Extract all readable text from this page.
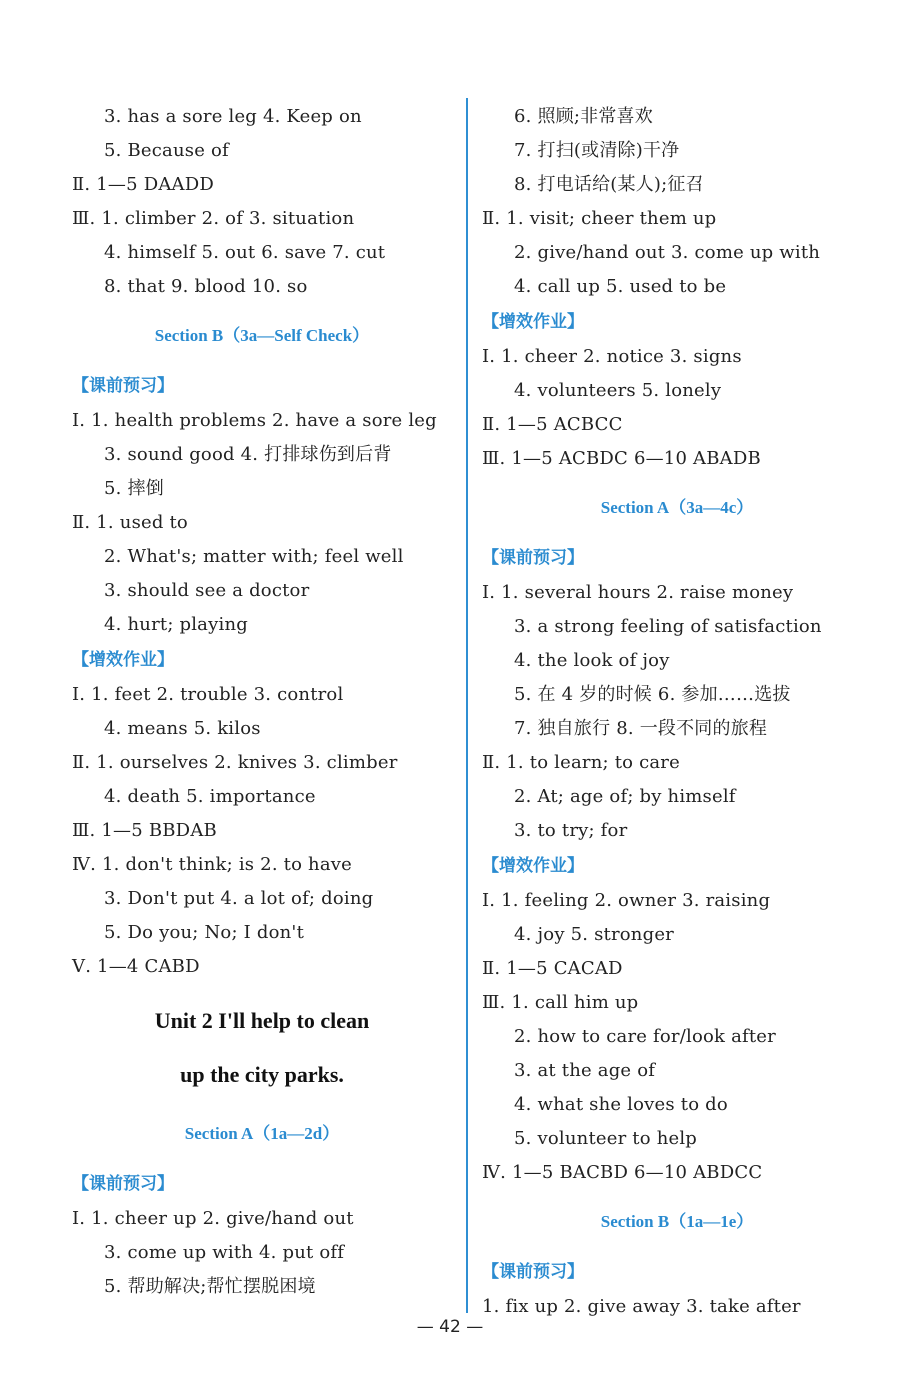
3. has a sore leg 4. Keep on
5. Because of
Ⅱ. 1—5 DAADD
Ⅲ. 1. climber 2. of 3. situation
4. himself 5. out 6. save 7. cut
8. that 9. blood 10. so
Section B（3a—Self Check）
【课前预习】
Ⅰ. 1. health problems 2. have a sore leg
3. sound good 4. 打排球伤到后背
5. 摔倒
Ⅱ. 1. used to
2. What's; matter with; feel well
3. should see a doctor
4. hurt; playing
【增效作业】
Ⅰ. 1. feet 2. trouble 3. control
4. means 5. kilos
Ⅱ. 1. ourselves 2. knives 3. climber
4. death 5. importance
Ⅲ. 1—5 BBDAB
Ⅳ. 1. don't think; is 2. to have
3. Don't put 4. a lot of; doing
5. Do you; No; I don't
Ⅴ. 1—4 CABD
Unit 2 I'll help to clean
up the city parks.
Section A（1a—2d）
【课前预习】
Ⅰ. 1. cheer up 2. give/hand out
3. come up with 4. put off
5. 帮助解决;帮忙摆脱困境
6. 照顾;非常喜欢
7. 打扫(或清除)干净
8. 打电话给(某人);征召
Ⅱ. 1. visit; cheer them up
2. give/hand out 3. come up with
4. call up 5. used to be
【增效作业】
Ⅰ. 1. cheer 2. notice 3. signs
4. volunteers 5. lonely
Ⅱ. 1—5 ACBCC
Ⅲ. 1—5 ACBDC 6—10 ABADB
Section A（3a—4c）
【课前预习】
Ⅰ. 1. several hours 2. raise money
3. a strong feeling of satisfaction
4. the look of joy
5. 在 4 岁的时候 6. 参加……选拔
7. 独自旅行 8. 一段不同的旅程
Ⅱ. 1. to learn; to care
2. At; age of; by himself
3. to try; for
【增效作业】
Ⅰ. 1. feeling 2. owner 3. raising
4. joy 5. stronger
Ⅱ. 1—5 CACAD
Ⅲ. 1. call him up
2. how to care for/look after
3. at the age of
4. what she loves to do
5. volunteer to help
Ⅳ. 1—5 BACBD 6—10 ABDCC
Section B（1a—1e）
【课前预习】
1. fix up 2. give away 3. take after
— 42 —
